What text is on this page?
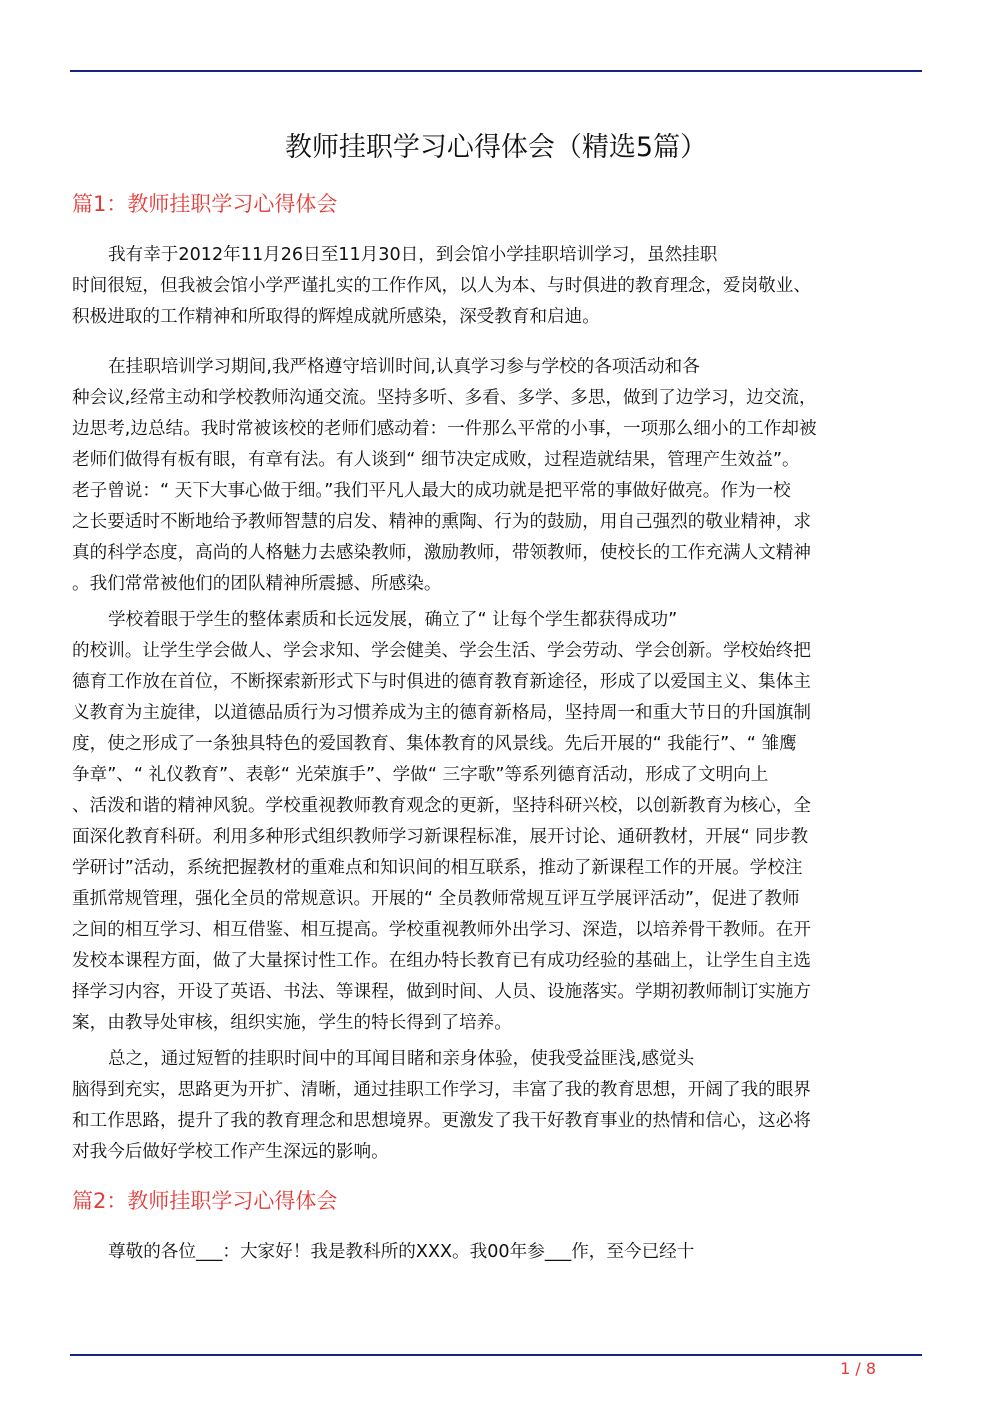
教师挂职学习心得体会（精选5篇）
篇1：教师挂职学习心得体会
我有幸于2012年11月26日至11月30日，到会馆小学挂职培训学习，虽然挂职
时间很短，但我被会馆小学严谨扎实的工作作风，以人为本、与时俱进的教育理念，爱岗敬业、
积极进取的工作精神和所取得的辉煌成就所感染，深受教育和启迪。
在挂职培训学习期间,我严格遵守培训时间,认真学习参与学校的各项活动和各
种会议,经常主动和学校教师沟通交流。坚持多听、多看、多学、多思，做到了边学习，边交流，
边思考,边总结。我时常被该校的老师们感动着：一件那么平常的小事，一项那么细小的工作却被
老师们做得有板有眼，有章有法。有人谈到“ 细节决定成败，过程造就结果，管理产生效益”。
老子曾说：“ 天下大事心做于细。”我们平凡人最大的成功就是把平常的事做好做亮。作为一校
之长要适时不断地给予教师智慧的启发、精神的熏陶、行为的鼓励，用自己强烈的敬业精神，求
真的科学态度，高尚的人格魅力去感染教师，激励教师，带领教师，使校长的工作充满人文精神
。我们常常被他们的团队精神所震撼、所感染。
学校着眼于学生的整体素质和长远发展，确立了“ 让每个学生都获得成功”
的校训。让学生学会做人、学会求知、学会健美、学会生活、学会劳动、学会创新。学校始终把
德育工作放在首位，不断探索新形式下与时俱进的德育教育新途径，形成了以爱国主义、集体主
义教育为主旋律，以道德品质行为习惯养成为主的德育新格局，坚持周一和重大节日的升国旗制
度，使之形成了一条独具特色的爱国教育、集体教育的风景线。先后开展的“ 我能行”、“ 雏鹰
争章”、“ 礼仪教育”、表彰“ 光荣旗手”、学做“ 三字歌”等系列德育活动，形成了文明向上
、活泼和谐的精神风貌。学校重视教师教育观念的更新，坚持科研兴校，以创新教育为核心，全
面深化教育科研。利用多种形式组织教师学习新课程标准，展开讨论、通研教材，开展“ 同步教
学研讨”活动，系统把握教材的重难点和知识间的相互联系，推动了新课程工作的开展。学校注
重抓常规管理，强化全员的常规意识。开展的“ 全员教师常规互评互学展评活动”，促进了教师
之间的相互学习、相互借鉴、相互提高。学校重视教师外出学习、深造，以培养骨干教师。在开
发校本课程方面，做了大量探讨性工作。在组办特长教育已有成功经验的基础上，让学生自主选
择学习内容，开设了英语、书法、等课程，做到时间、人员、设施落实。学期初教师制订实施方
案，由教导处审核，组织实施，学生的特长得到了培养。
总之，通过短暂的挂职时间中的耳闻目睹和亲身体验，使我受益匪浅,感觉头
脑得到充实，思路更为开扩、清晰，通过挂职工作学习，丰富了我的教育思想，开阔了我的眼界
和工作思路，提升了我的教育理念和思想境界。更激发了我干好教育事业的热情和信心，这必将
对我今后做好学校工作产生深远的影响。
篇2：教师挂职学习心得体会
尊敬的各位___：大家好！我是教科所的XXX。我00年参___作，至今已经十
1 / 8
